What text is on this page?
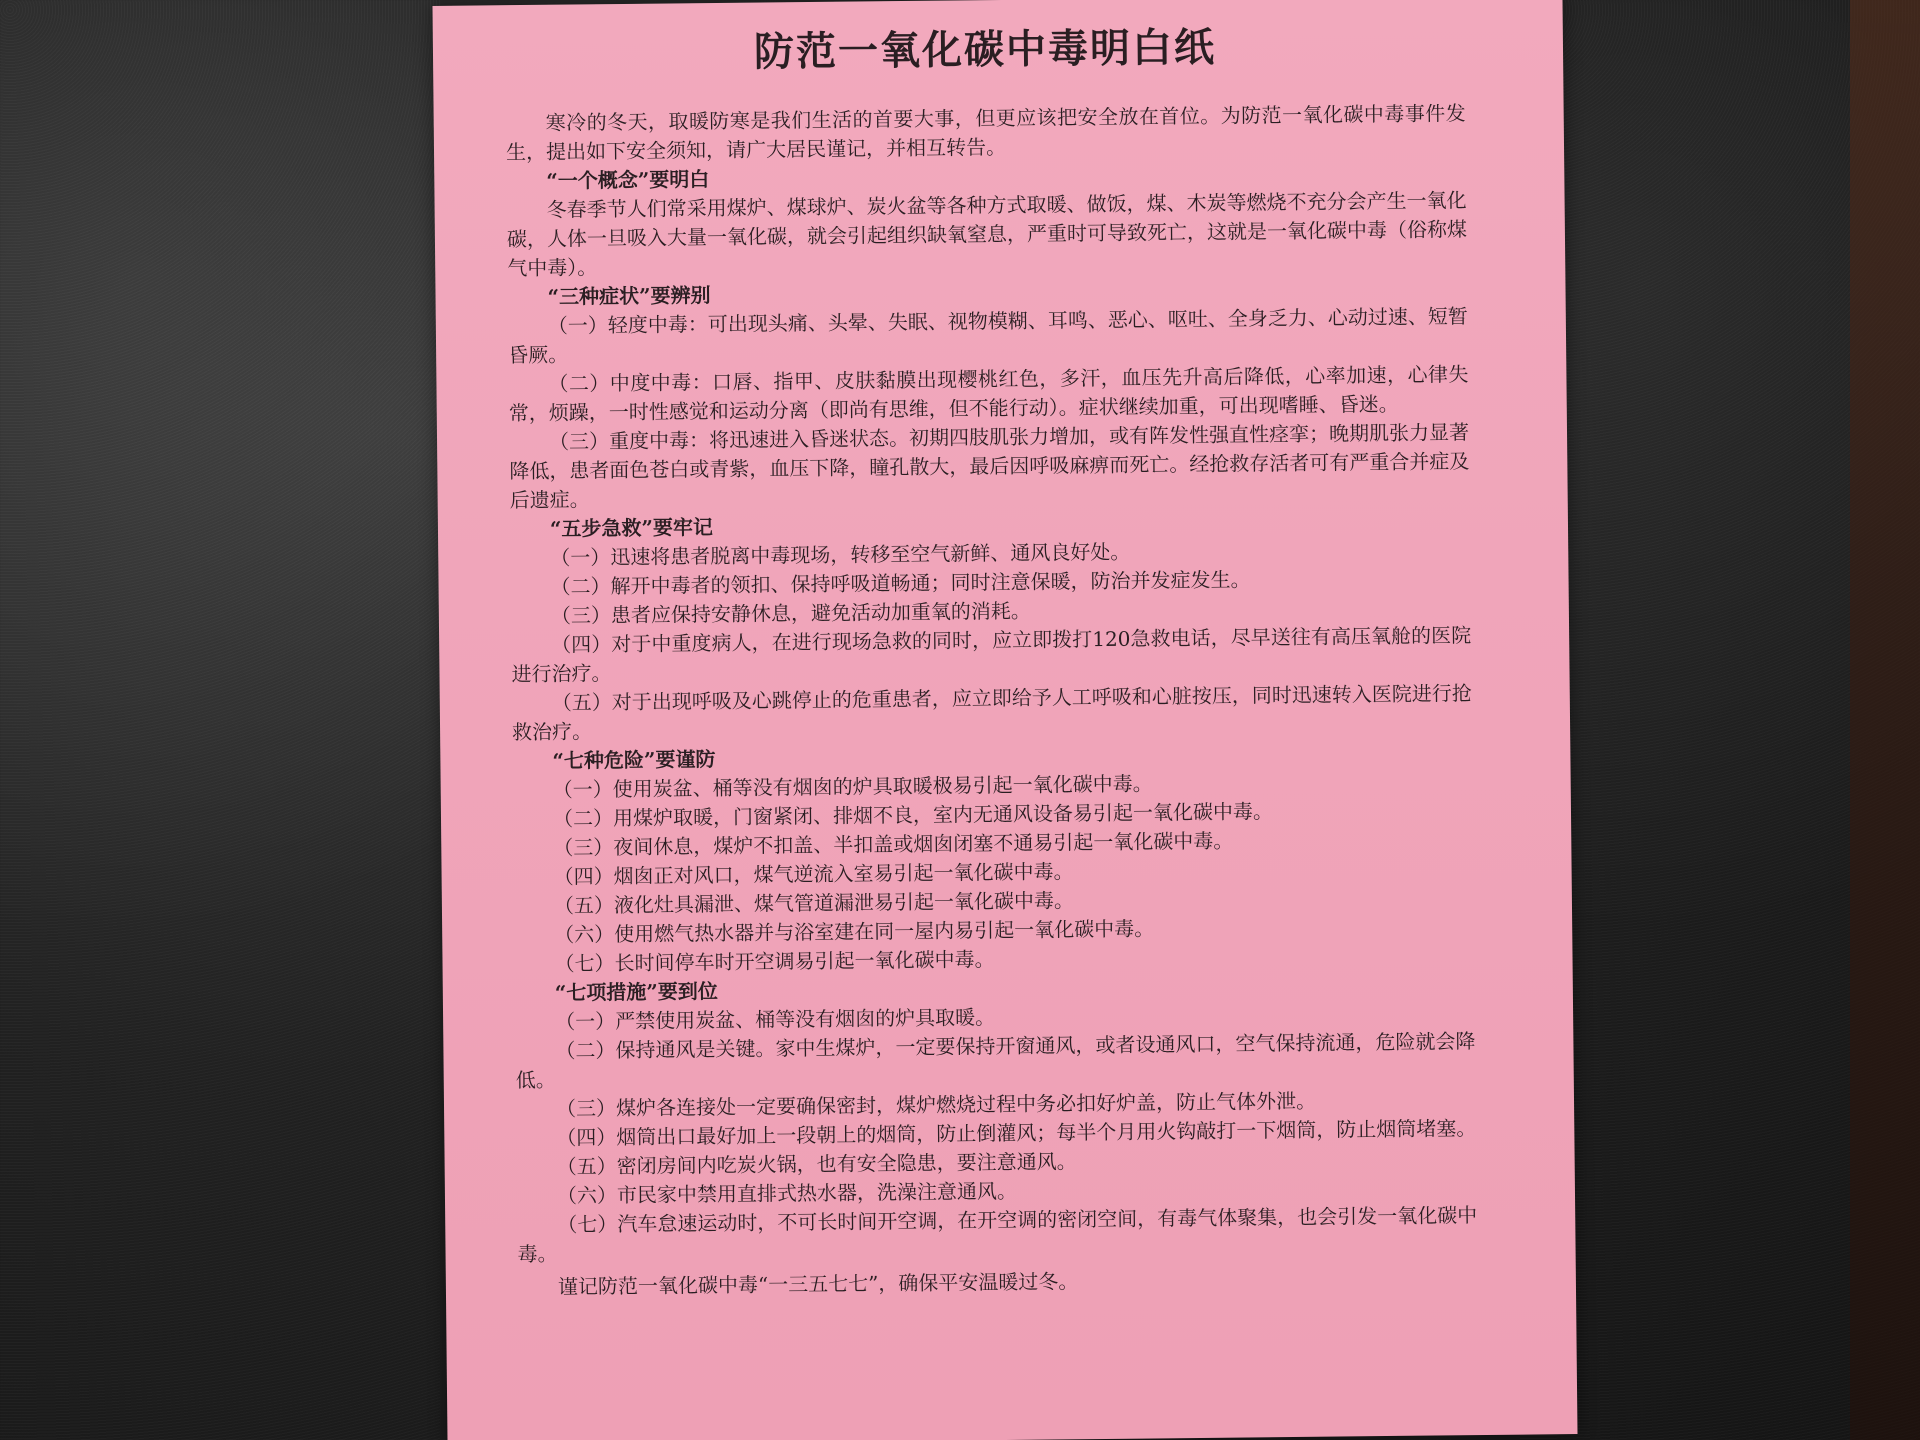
防范一氧化碳中毒明白纸

寒冷的冬天，取暖防寒是我们生活的首要大事，但更应该把安全放在首位。为防范一氧化碳中毒事件发生，提出如下安全须知，请广大居民谨记，并相互转告。

“一个概念”要明白

冬春季节人们常采用煤炉、煤球炉、炭火盆等各种方式取暖、做饭，煤、木炭等燃烧不充分会产生一氧化碳，人体一旦吸入大量一氧化碳，就会引起组织缺氧窒息，严重时可导致死亡，这就是一氧化碳中毒（俗称煤气中毒）。

“三种症状”要辨别

（一）轻度中毒：可出现头痛、头晕、失眠、视物模糊、耳鸣、恶心、呕吐、全身乏力、心动过速、短暂昏厥。

（二）中度中毒：口唇、指甲、皮肤黏膜出现樱桃红色，多汗，血压先升高后降低，心率加速，心律失常，烦躁，一时性感觉和运动分离（即尚有思维，但不能行动）。症状继续加重，可出现嗜睡、昏迷。

（三）重度中毒：将迅速进入昏迷状态。初期四肢肌张力增加，或有阵发性强直性痉挛；晚期肌张力显著降低，患者面色苍白或青紫，血压下降，瞳孔散大，最后因呼吸麻痹而死亡。经抢救存活者可有严重合并症及后遗症。

“五步急救”要牢记

（一）迅速将患者脱离中毒现场，转移至空气新鲜、通风良好处。

（二）解开中毒者的领扣、保持呼吸道畅通；同时注意保暖，防治并发症发生。

（三）患者应保持安静休息，避免活动加重氧的消耗。

（四）对于中重度病人，在进行现场急救的同时，应立即拨打120急救电话，尽早送往有高压氧舱的医院进行治疗。

（五）对于出现呼吸及心跳停止的危重患者，应立即给予人工呼吸和心脏按压，同时迅速转入医院进行抢救治疗。

“七种危险”要谨防

（一）使用炭盆、桶等没有烟囱的炉具取暖极易引起一氧化碳中毒。

（二）用煤炉取暖，门窗紧闭、排烟不良，室内无通风设备易引起一氧化碳中毒。

（三）夜间休息，煤炉不扣盖、半扣盖或烟囱闭塞不通易引起一氧化碳中毒。

（四）烟囱正对风口，煤气逆流入室易引起一氧化碳中毒。

（五）液化灶具漏泄、煤气管道漏泄易引起一氧化碳中毒。

（六）使用燃气热水器并与浴室建在同一屋内易引起一氧化碳中毒。

（七）长时间停车时开空调易引起一氧化碳中毒。

“七项措施”要到位

（一）严禁使用炭盆、桶等没有烟囱的炉具取暖。

（二）保持通风是关键。家中生煤炉，一定要保持开窗通风，或者设通风口，空气保持流通，危险就会降低。

（三）煤炉各连接处一定要确保密封，煤炉燃烧过程中务必扣好炉盖，防止气体外泄。

（四）烟筒出口最好加上一段朝上的烟筒，防止倒灌风；每半个月用火钩敲打一下烟筒，防止烟筒堵塞。

（五）密闭房间内吃炭火锅，也有安全隐患，要注意通风。

（六）市民家中禁用直排式热水器，洗澡注意通风。

（七）汽车怠速运动时，不可长时间开空调，在开空调的密闭空间，有毒气体聚集，也会引发一氧化碳中毒。

谨记防范一氧化碳中毒“一三五七七”，确保平安温暖过冬。
